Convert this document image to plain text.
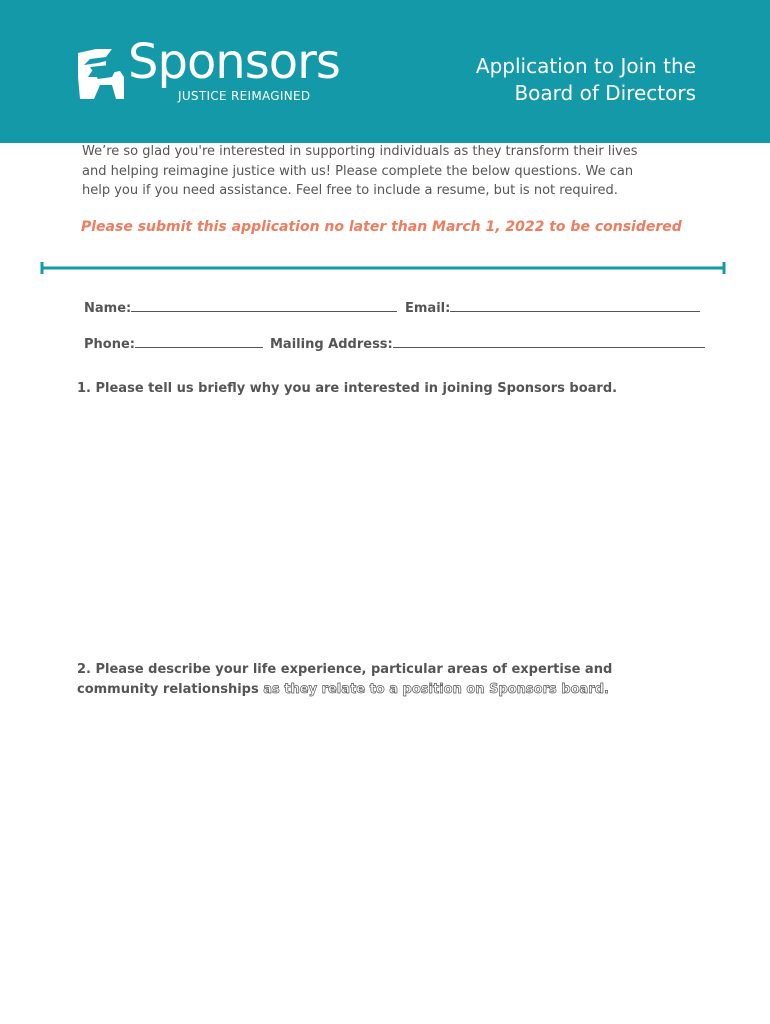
Sponsors
JUSTICE REIMAGINED
Application to Join the
Board of Directors
We’re so glad you're interested in supporting individuals as they transform their lives
and helping reimagine justice with us! Please complete the below questions. We can
help you if you need assistance. Feel free to include a resume, but is not required.
Please submit this application no later than March 1, 2022 to be considered
Name:	Email:
Phone:	Mailing Address:
1. Please tell us briefly why you are interested in joining Sponsors board.
2. Please describe your life experience, particular areas of expertise and
community relationships as they relate to a position on Sponsors board.
